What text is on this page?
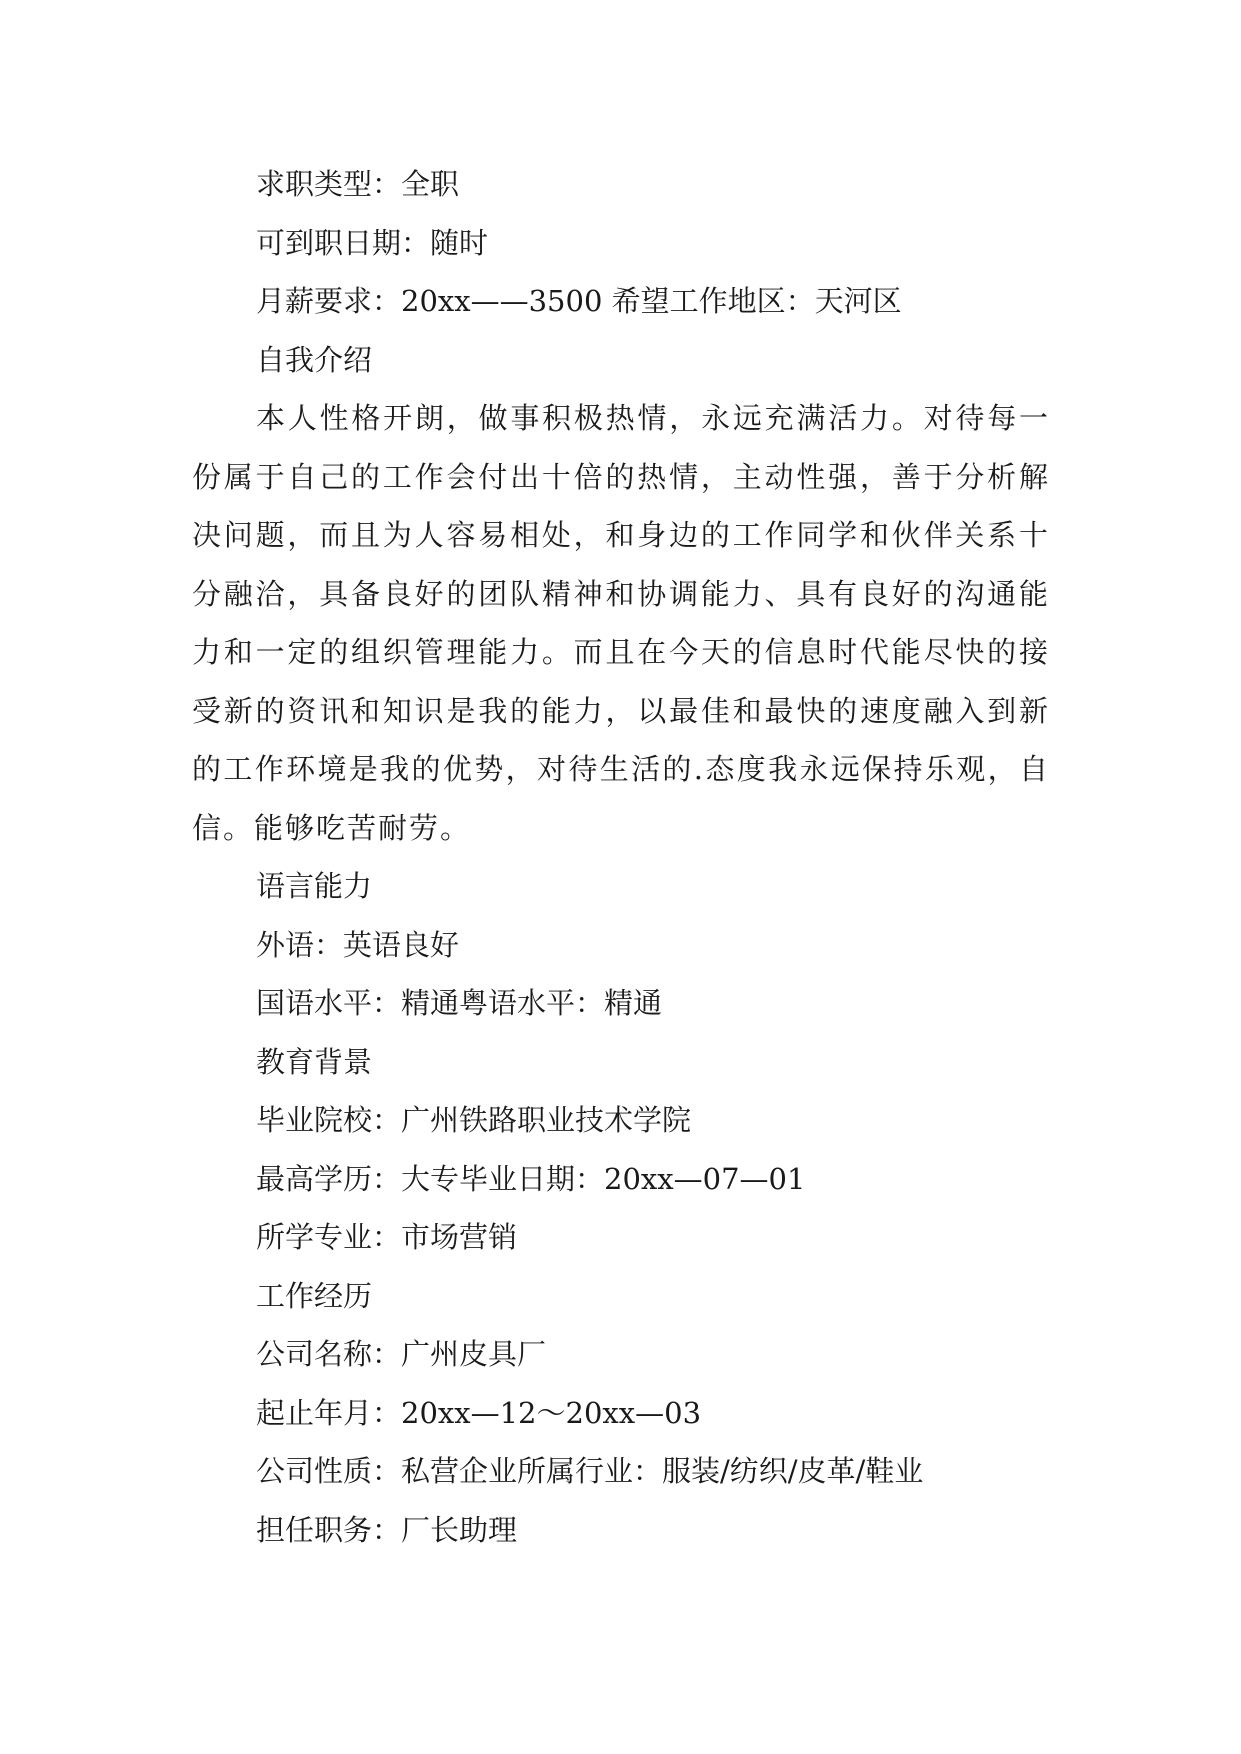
求职类型：全职
可到职日期：随时
月薪要求：20xx——3500 希望工作地区：天河区
自我介绍
本人性格开朗，做事积极热情，永远充满活力。对待每一份属于自己的工作会付出十倍的热情，主动性强，善于分析解决问题，而且为人容易相处，和身边的工作同学和伙伴关系十分融洽，具备良好的团队精神和协调能力、具有良好的沟通能力和一定的组织管理能力。而且在今天的信息时代能尽快的接受新的资讯和知识是我的能力，以最佳和最快的速度融入到新的工作环境是我的优势，对待生活的.态度我永远保持乐观，自信。能够吃苦耐劳。
语言能力
外语：英语良好
国语水平：精通粤语水平：精通
教育背景
毕业院校：广州铁路职业技术学院
最高学历：大专毕业日期：20xx—07—01
所学专业：市场营销
工作经历
公司名称：广州皮具厂
起止年月：20xx—12～20xx—03
公司性质：私营企业所属行业：服装/纺织/皮革/鞋业
担任职务：厂长助理
